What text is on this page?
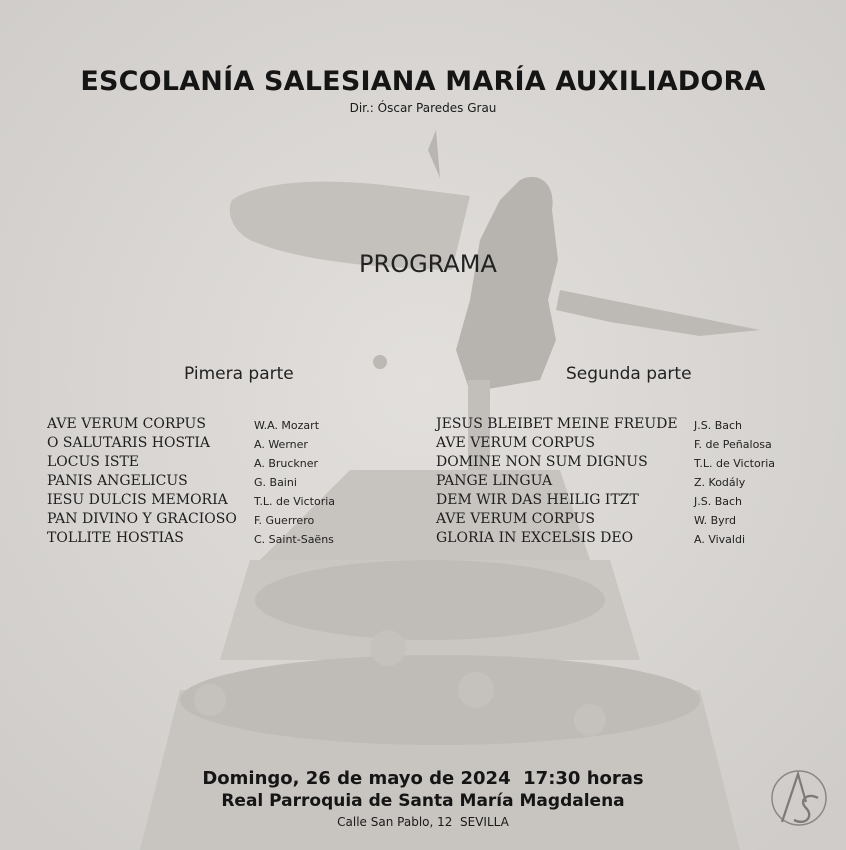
ESCOLANÍA SALESIANA MARÍA AUXILIADORA
Dir.: Óscar Paredes Grau
PROGRAMA
Pimera parte	Segunda parte
AVE VERUM CORPUS	W.A. Mozart
O SALUTARIS HOSTIA	A. Werner
LOCUS ISTE	A. Bruckner
PANIS ANGELICUS	G. Baini
IESU DULCIS MEMORIA T.L. de Victoria
PAN DIVINO Y GRACIOSO F. Guerrero
TOLLITE HOSTIAS	C. Saint-Saëns
JESUS BLEIBET MEINE FREUDE J.S. Bach
AVE VERUM CORPUS	F. de Peñalosa
DOMINE NON SUM DIGNUS	T.L. de Victoria
PANGE LINGUA	Z. Kodály
DEM WIR DAS HEILIG ITZT	J.S. Bach
AVE VERUM CORPUS	W. Byrd
GLORIA IN EXCELSIS DEO	A. Vivaldi
Domingo, 26 de mayo de 2024  17:30 horas
Real Parroquia de Santa María Magdalena
Calle San Pablo, 12  SEVILLA
